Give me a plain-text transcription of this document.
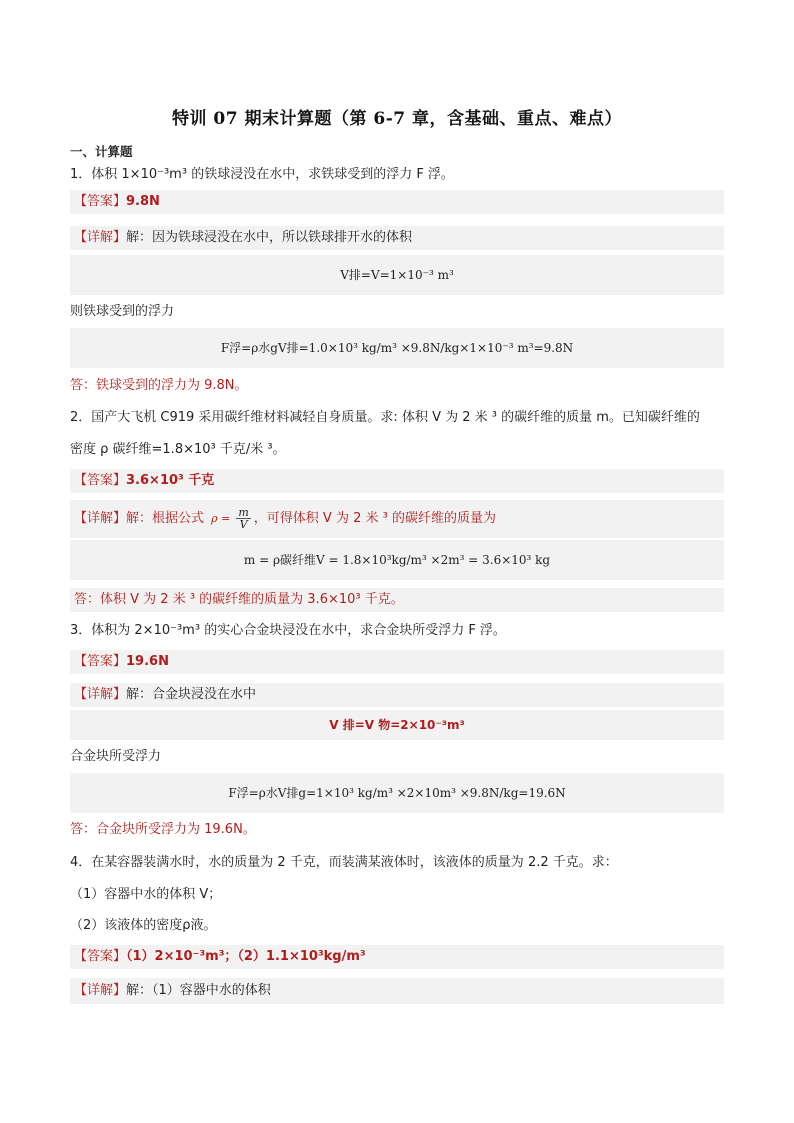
特训 07 期末计算题（第 6-7 章，含基础、重点、难点）
一、计算题
1．体积 1×10⁻³m³ 的铁球浸没在水中，求铁球受到的浮力 F 浮。
【答案】9.8N
【详解】解：因为铁球浸没在水中，所以铁球排开水的体积
V排=V=1×10⁻³ m³
则铁球受到的浮力
F浮=ρ水gV排=1.0×10³ kg/m³ ×9.8N/kg×1×10⁻³ m³=9.8N
答：铁球受到的浮力为 9.8N。
2．国产大飞机 C919 采用碳纤维材料减轻自身质量。求: 体积 V 为 2 米 ³ 的碳纤维的质量 m。已知碳纤维的
密度 ρ 碳纤维=1.8×10³ 千克/米 ³。
【答案】3.6×10³ 千克
【详解】解：根据公式 $\rho = \frac{m}{V}$ ，可得体积 V 为 2 米 ³ 的碳纤维的质量为
m = ρ碳纤维V = 1.8×10³kg/m³ ×2m³ = 3.6×10³ kg
答：体积 V 为 2 米 ³ 的碳纤维的质量为 3.6×10³ 千克。
3．体积为 2×10⁻³m³ 的实心合金块浸没在水中，求合金块所受浮力 F 浮。
【答案】19.6N
【详解】解：合金块浸没在水中
V 排=V 物=2×10⁻³m³
合金块所受浮力
F浮=ρ水V排g=1×10³ kg/m³ ×2×10m³ ×9.8N/kg=19.6N
答：合金块所受浮力为 19.6N。
4．在某容器装满水时，水的质量为 2 千克，而装满某液体时，该液体的质量为 2.2 千克。求：
（1）容器中水的体积 V；
（2）该液体的密度ρ液。
【答案】（1）2×10⁻³m³；（2）1.1×10³kg/m³
【详解】解：（1）容器中水的体积
